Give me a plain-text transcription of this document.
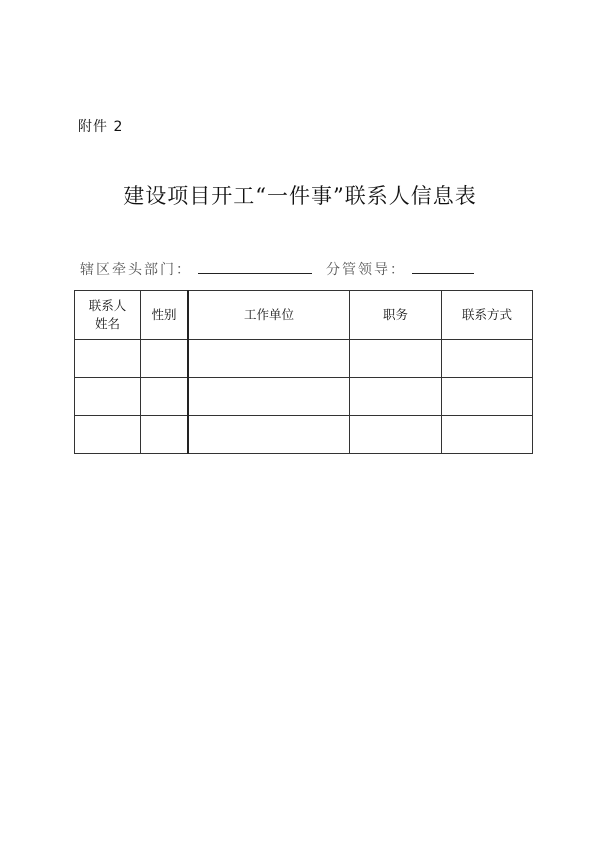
附件 2
建设项目开工“一件事”联系人信息表
辖区牵头部门：	分管领导：
联系人
姓名	性别	工作单位	职务	联系方式
